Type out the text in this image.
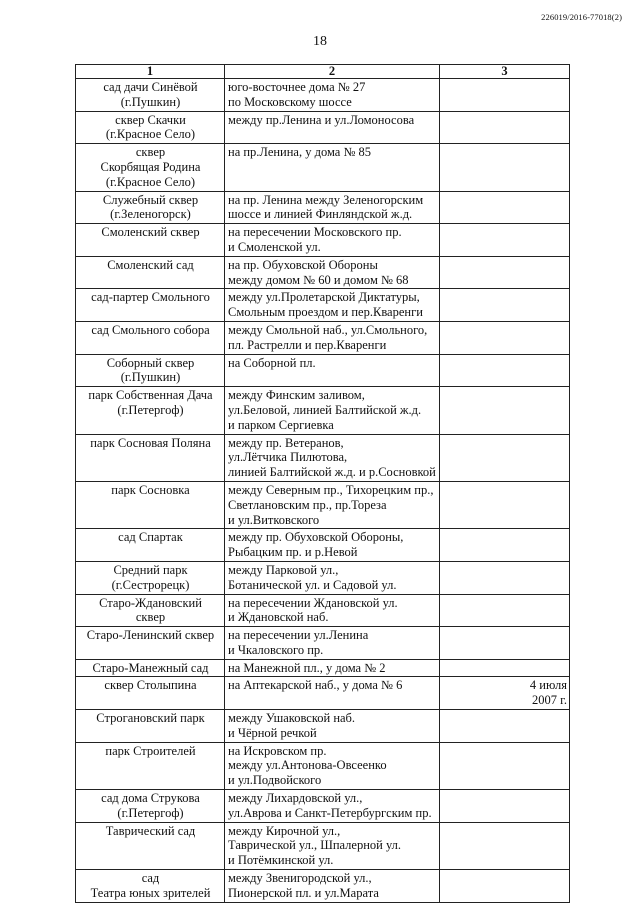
226019/2016-77018(2)
18
1	2	3

сад дачи Синёвой
(г.Пушкин)	юго-восточнее дома № 27
по Московскому шоссе	

сквер Скачки
(г.Красное Село)	между пр.Ленина и ул.Ломоносова	

сквер
Скорбящая Родина
(г.Красное Село)	на пр.Ленина, у дома № 85	

Служебный сквер
(г.Зеленогорск)	на пр. Ленина между Зеленогорским
шоссе и линией Финляндской ж.д.	

Смоленский сквер	на пересечении Московского пр.
и Смоленской ул.	

Смоленский сад	на пр. Обуховской Обороны
между домом № 60 и домом № 68	

сад-партер Смольного	между ул.Пролетарской Диктатуры,
Смольным проездом и пер.Кваренги	

сад Смольного собора	между Смольной наб., ул.Смольного,
пл. Растрелли и пер.Кваренги	

Соборный сквер
(г.Пушкин)	на Соборной пл.	

парк Собственная Дача
(г.Петергоф)	между Финским заливом,
ул.Беловой, линией Балтийской ж.д.
и парком Сергиевка	

парк Сосновая Поляна	между пр. Ветеранов,
ул.Лётчика Пилютова,
линией Балтийской ж.д. и р.Сосновкой	

парк Сосновка	между Северным пр., Тихорецким пр.,
Светлановским пр., пр.Тореза
и ул.Витковского	

сад Спартак	между пр. Обуховской Обороны,
Рыбацким пр. и р.Невой	

Средний парк
(г.Сестрорецк)	между Парковой ул.,
Ботанической ул. и Садовой ул.	

Старо-Ждановский
сквер	на пересечении Ждановской ул.
и Ждановской наб.	

Старо-Ленинский сквер	на пересечении ул.Ленина
и Чкаловского пр.	

Старо-Манежный сад	на Манежной пл., у дома № 2	

сквер Столыпина	на Аптекарской наб., у дома № 6	4 июля
2007 г.

Строгановский парк	между Ушаковской наб.
и Чёрной речкой	

парк Строителей	на Искровском пр.
между ул.Антонова-Овсеенко
и ул.Подвойского	

сад дома Струкова
(г.Петергоф)	между Лихардовской ул.,
ул.Аврова и Санкт-Петербургским пр.	

Таврический сад	между Кирочной ул.,
Таврической ул., Шпалерной ул.
и Потёмкинской ул.	

сад
Театра юных зрителей	между Звенигородской ул.,
Пионерской пл. и ул.Марата	
